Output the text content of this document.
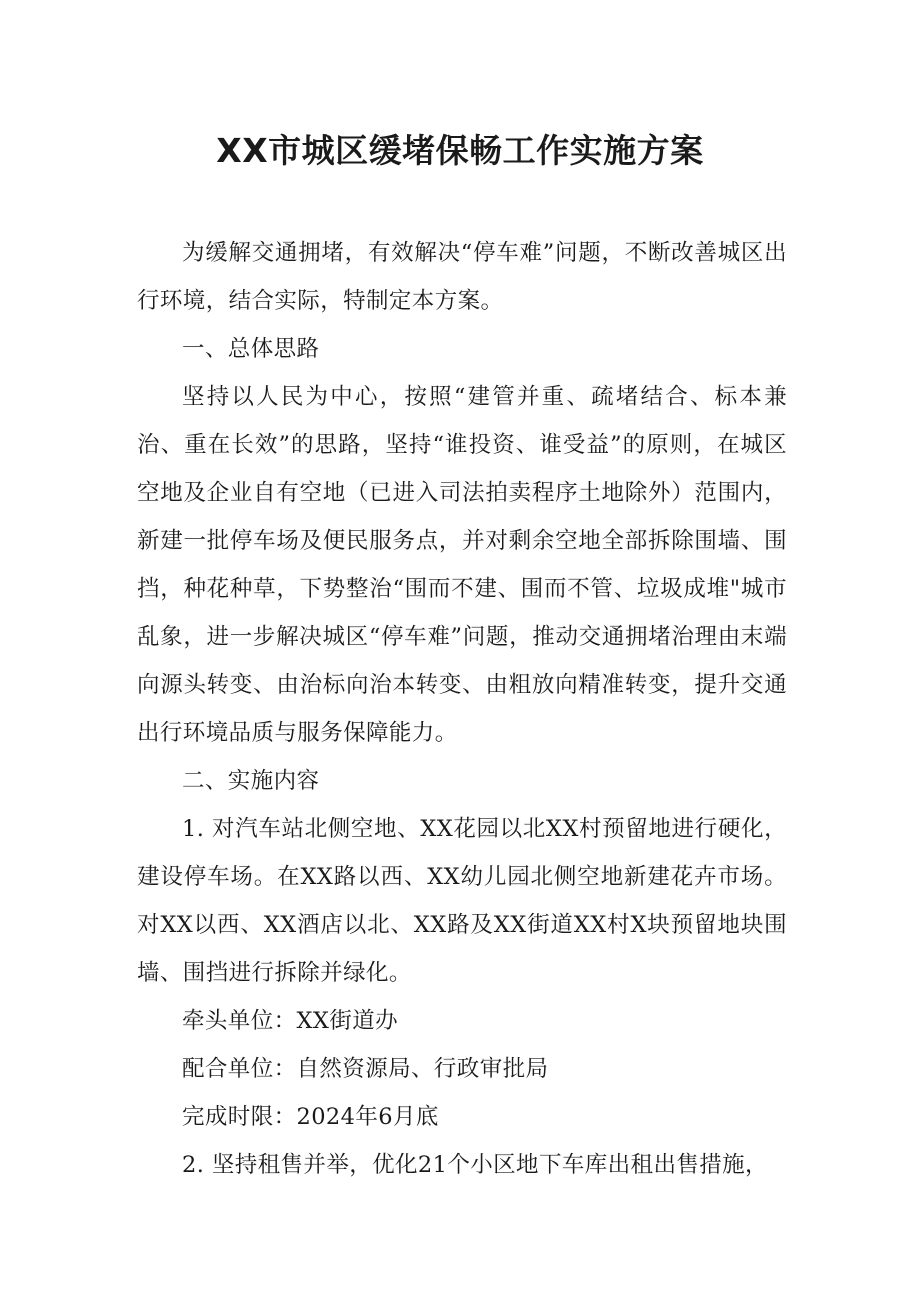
XX市城区缓堵保畅工作实施方案

为缓解交通拥堵，有效解决“停车难”问题，不断改善城区出行环境，结合实际，特制定本方案。

一、总体思路

坚持以人民为中心，按照“建管并重、疏堵结合、标本兼治、重在长效”的思路，坚持“谁投资、谁受益”的原则，在城区空地及企业自有空地（已进入司法拍卖程序土地除外）范围内，新建一批停车场及便民服务点，并对剩余空地全部拆除围墙、围挡，种花种草，下势整治“围而不建、围而不管、垃圾成堆"城市乱象，进一步解决城区“停车难”问题，推动交通拥堵治理由末端向源头转变、由治标向治本转变、由粗放向精准转变，提升交通出行环境品质与服务保障能力。

二、实施内容

1. 对汽车站北侧空地、XX花园以北XX村预留地进行硬化，建设停车场。在XX路以西、XX幼儿园北侧空地新建花卉市场。对XX以西、XX酒店以北、XX路及XX街道XX村X块预留地块围墙、围挡进行拆除并绿化。

牵头单位：XX街道办

配合单位：自然资源局、行政审批局

完成时限：2024年6月底

2. 坚持租售并举，优化21个小区地下车库出租出售措施，
